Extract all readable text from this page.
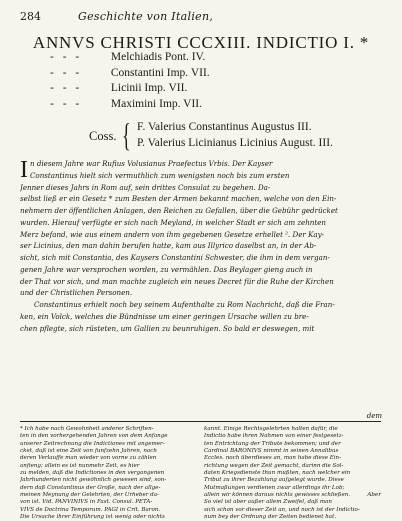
284	Geschichte von Italien,
ANNVS CHRISTI CCCXIII. INDICTIO I. *
- - - Melchiadis Pont. IV.
- - - Constantini Imp. VII.
- - - Licinii Imp. VII.
- - - Maximini Imp. VII.
Coss. { F. Valerius Constantinus Augustus III.
P. Valerius Licinianus Licinius August. III.

I n diesem Jahre war Rufius Volusianus Praefectus Vrbis. Der Kayser
Constantinus hielt sich vermuthlich zum wenigsten noch bis zum ersten
Jenner dieses Jahrs in Rom auf, sein drittes Consulat zu begehen. Da-
selbst ließ er ein Gesetz * zum Besten der Armen bekannt machen, welche von den Ein-
nehmern der öffentlichen Anlagen, den Reichen zu Gefallen, über die Gebühr gedrücket
wurden. Hierauf verfügte er sich nach Meyland, in welcher Stadt er sich am zehnten
Merz befand, wie aus einem andern von ihm gegebenen Gesetze erhellet ². Der Kay-
ser Licinius, den man dahin berufen hatte, kam aus Illyrico daselbst an, in der Ab-
sicht, sich mit Constantia, des Kaysers Constantini Schwester, die ihm in dem vergan-
genen Jahre war versprochen worden, zu vermählen. Das Beylager gieng auch in
der That vor sich, und man machte zugleich ein neues Decret für die Ruhe der Kirchen
und der Christlichen Personen.

Constantinus erhielt noch bey seinem Aufenthalte zu Rom Nachricht, daß die Fran-
ken, ein Volck, welches die Bündnisse um einer geringen Ursache willen zu bre-
chen pflegte, sich rüsteten, um Gallien zu beunruhigen. So bald er deswegen, mit

dem
* Ich habe nach Gewohnheit anderer Schriften-
ten in den vorhergehenden Jahren von dem Anfange
unserer Zeitrechnung die Indictiones mit angemer-
cket, daß ist eine Zeit von funfzehn Jahren, nach
deren Verlauffe man wieder von vorne zu zählen
anfieng; allein es ist nunmehr Zeit, es hier
zu melden, daß die Indictiones in den vergangenen
Jahrhunderten nicht gewöhnlich gewesen sind, son-
dern daß Constantinus der Große, nach der allge-
meinen Meynung der Gelehrten, der Urheber da-
von ist. Vid. PANVINIVS in Fast. Consul. PETA-
VIVS de Doctrina Temporum. PAGI in Crit. Baron.
Die Ursache ihrer Einführung ist wenig oder nichts
kannt. Einige Rechtsgelehrten halten dafür, die
Indictio habe ihren Nahmen von einer festgesetz-
ten Entrichtung der Tribute bekommen; und der
Cardinal BARONIVS nimmt in seinen Annalibus
Eccles. noch überdieses an, man habe diese Ein-
richtung wegen der Zeit gemacht, darinn die Sol-
daten Kriegsdienste thun mußten, nach welcher ein
Tribut zu ihrer Bezahlung aufgelegt wurde. Diese
Mutmaßungen verdienen zwar allerdings ihr Lob;
allein wir können daraus nichts gewisses schließen.
So viel ist aber außer allem Zweifel, daß man
sich schon vor dieser Zeit an, und noch ist der Indictio-
num bey der Ordnung der Zeiten bedienet hat.
Aber
